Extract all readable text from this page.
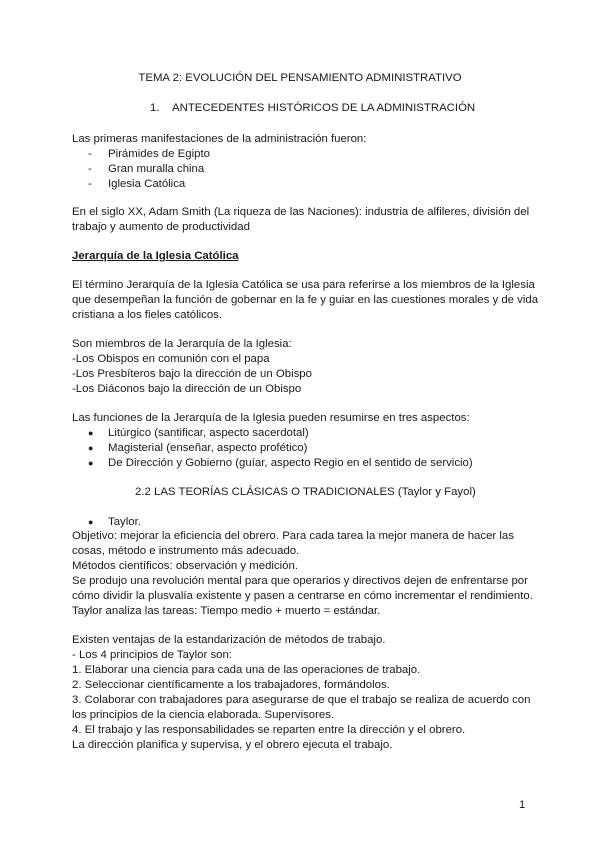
TEMA 2: EVOLUCIÓN DEL PENSAMIENTO ADMINISTRATIVO
1. ANTECEDENTES HISTÓRICOS DE LA ADMINISTRACIÓN
Las primeras manifestaciones de la administración fueron:
- Pirámides de Egipto
- Gran muralla china
- Iglesia Católica
En el siglo XX, Adam Smith (La riqueza de las Naciones): industria de alfileres, división del
trabajo y aumento de productividad
Jerarquía de la Iglesia Católica
El término Jerarquía de la Iglesia Católica se usa para referirse a los miembros de la Iglesia
que desempeñan la función de gobernar en la fe y guiar en las cuestiones morales y de vida
cristiana a los fieles católicos.
Son miembros de la Jerarquía de la Iglesia:
-Los Obispos en comunión con el papa
-Los Presbíteros bajo la dirección de un Obispo
-Los Diáconos bajo la dirección de un Obispo
Las funciones de la Jerarquía de la Iglesia pueden resumirse en tres aspectos:
● Litúrgico (santificar, aspecto sacerdotal)
● Magisterial (enseñar, aspecto profético)
● De Dirección y Gobierno (guíar, aspecto Regio en el sentido de servicio)
2.2 LAS TEORÍAS CLÁSICAS O TRADICIONALES (Taylor y Fayol)
● Taylor.
Objetivo: mejorar la eficiencia del obrero. Para cada tarea la mejor manera de hacer las
cosas, método e instrumento más adecuado.
Métodos científicos: observación y medición.
Se produjo una revolución mental para que operarios y directivos dejen de enfrentarse por
cómo dividir la plusvalía existente y pasen a centrarse en cómo incrementar el rendimiento.
Taylor analiza las tareas: Tiempo medio + muerto = estándar.
Existen ventajas de la estandarización de métodos de trabajo.
- Los 4 principios de Taylor son:
1. Elaborar una ciencia para cada una de las operaciones de trabajo.
2. Seleccionar científicamente a los trabajadores, formándolos.
3. Colaborar con trabajadores para asegurarse de que el trabajo se realiza de acuerdo con
los principios de la ciencia elaborada. Supervisores.
4. El trabajo y las responsabilidades se reparten entre la dirección y el obrero.
La dirección planifica y supervisa, y el obrero ejecuta el trabajo.
1
